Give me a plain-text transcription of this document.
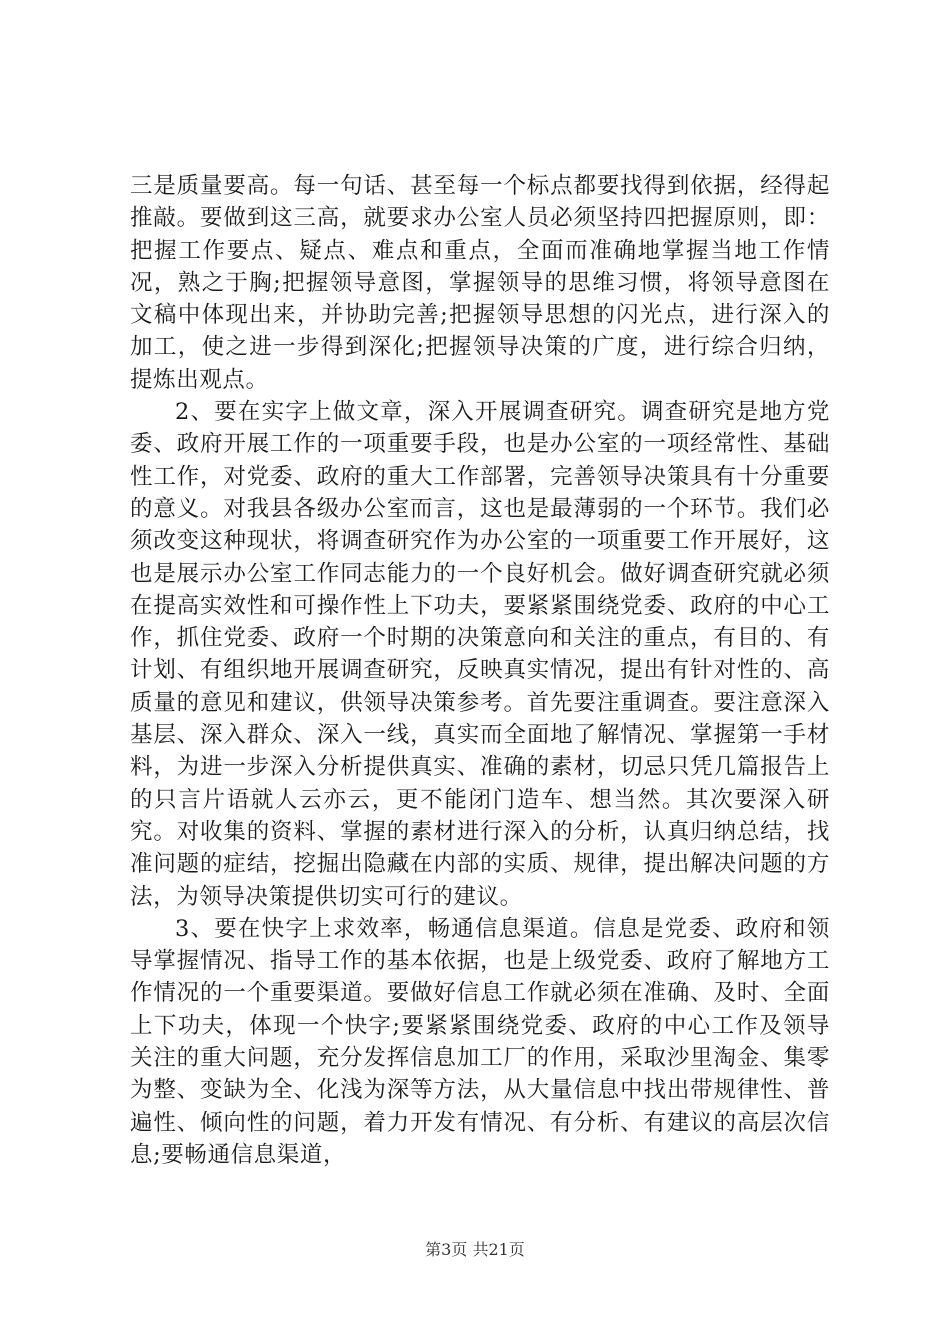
三是质量要高。每一句话、甚至每一个标点都要找得到依据，经得起推敲。要做到这三高，就要求办公室人员必须坚持四把握原则，即：把握工作要点、疑点、难点和重点，全面而准确地掌握当地工作情况，熟之于胸;把握领导意图，掌握领导的思维习惯，将领导意图在文稿中体现出来，并协助完善;把握领导思想的闪光点，进行深入的加工，使之进一步得到深化;把握领导决策的广度，进行综合归纳，提炼出观点。

2、要在实字上做文章，深入开展调查研究。调查研究是地方党委、政府开展工作的一项重要手段，也是办公室的一项经常性、基础性工作，对党委、政府的重大工作部署，完善领导决策具有十分重要的意义。对我县各级办公室而言，这也是最薄弱的一个环节。我们必须改变这种现状，将调查研究作为办公室的一项重要工作开展好，这也是展示办公室工作同志能力的一个良好机会。做好调查研究就必须在提高实效性和可操作性上下功夫，要紧紧围绕党委、政府的中心工作，抓住党委、政府一个时期的决策意向和关注的重点，有目的、有计划、有组织地开展调查研究，反映真实情况，提出有针对性的、高质量的意见和建议，供领导决策参考。首先要注重调查。要注意深入基层、深入群众、深入一线，真实而全面地了解情况、掌握第一手材料，为进一步深入分析提供真实、准确的素材，切忌只凭几篇报告上的只言片语就人云亦云，更不能闭门造车、想当然。其次要深入研究。对收集的资料、掌握的素材进行深入的分析，认真归纳总结，找准问题的症结，挖掘出隐藏在内部的实质、规律，提出解决问题的方法，为领导决策提供切实可行的建议。

3、要在快字上求效率，畅通信息渠道。信息是党委、政府和领导掌握情况、指导工作的基本依据，也是上级党委、政府了解地方工作情况的一个重要渠道。要做好信息工作就必须在准确、及时、全面上下功夫，体现一个快字;要紧紧围绕党委、政府的中心工作及领导关注的重大问题，充分发挥信息加工厂的作用，采取沙里淘金、集零为整、变缺为全、化浅为深等方法，从大量信息中找出带规律性、普遍性、倾向性的问题，着力开发有情况、有分析、有建议的高层次信息;要畅通信息渠道，

第3页 共21页
